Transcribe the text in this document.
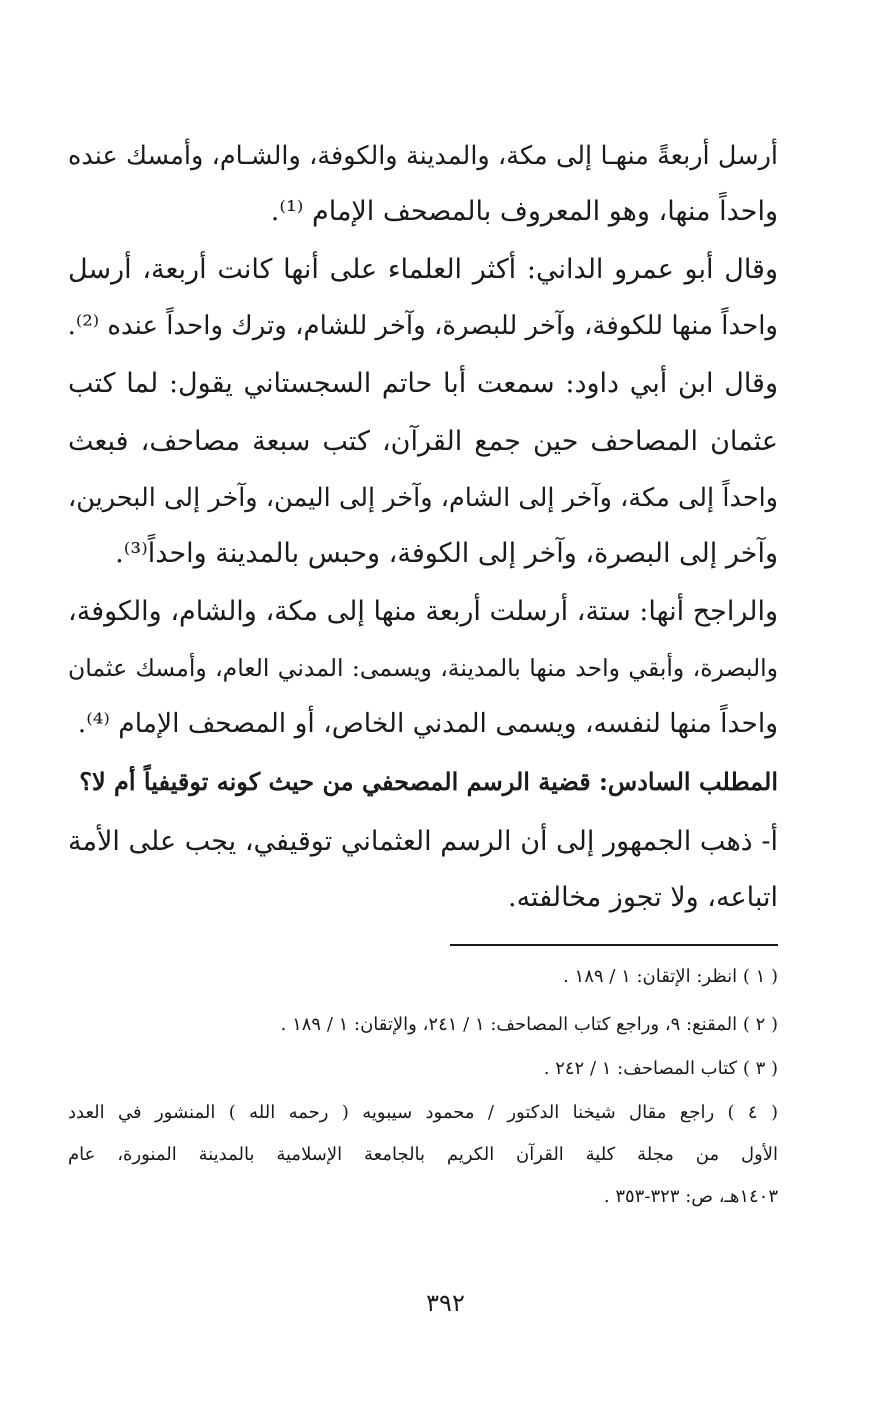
أرسل أربعةً منهـا إلى مكة، والمدينة والكوفة، والشـام، وأمسك عنده
واحداً منها، وهو المعروف بالمصحف الإمام ⁽¹⁾.
وقال أبو عمرو الداني: أكثر العلماء على أنها كانت أربعة، أرسل
واحداً منها للكوفة، وآخر للبصرة، وآخر للشام، وترك واحداً عنده ⁽²⁾.
وقال ابن أبي داود: سمعت أبا حاتم السجستاني يقول: لما كتب
عثمان المصاحف حين جمع القرآن، كتب سبعة مصاحف، فبعث
واحداً إلى مكة، وآخر إلى الشام، وآخر إلى اليمن، وآخر إلى البحرين،
وآخر إلى البصرة، وآخر إلى الكوفة، وحبس بالمدينة واحداً⁽³⁾.
والراجح أنها: ستة، أرسلت أربعة منها إلى مكة، والشام، والكوفة،
والبصرة، وأبقي واحد منها بالمدينة، ويسمى: المدني العام، وأمسك عثمان
واحداً منها لنفسه، ويسمى المدني الخاص، أو المصحف الإمام ⁽⁴⁾.
المطلب السادس: قضية الرسم المصحفي من حيث كونه توقيفياً أم لا؟
أ- ذهب الجمهور إلى أن الرسم العثماني توقيفي، يجب على الأمة
اتباعه، ولا تجوز مخالفته.
( ١ ) انظر: الإتقان: ١ / ١٨٩ .
( ٢ ) المقنع: ٩، وراجع كتاب المصاحف: ١ / ٢٤١، والإتقان: ١ / ١٨٩ .
( ٣ ) كتاب المصاحف: ١ / ٢٤٢ .
( ٤ ) راجع مقال شيخنا الدكتور / محمود سيبويه ( رحمه الله ) المنشور في العدد
الأول من مجلة كلية القرآن الكريم بالجامعة الإسلامية بالمدينة المنورة، عام
١٤٠٣هـ، ص: ٣٢٣-٣٥٣ .
٣٩٢
